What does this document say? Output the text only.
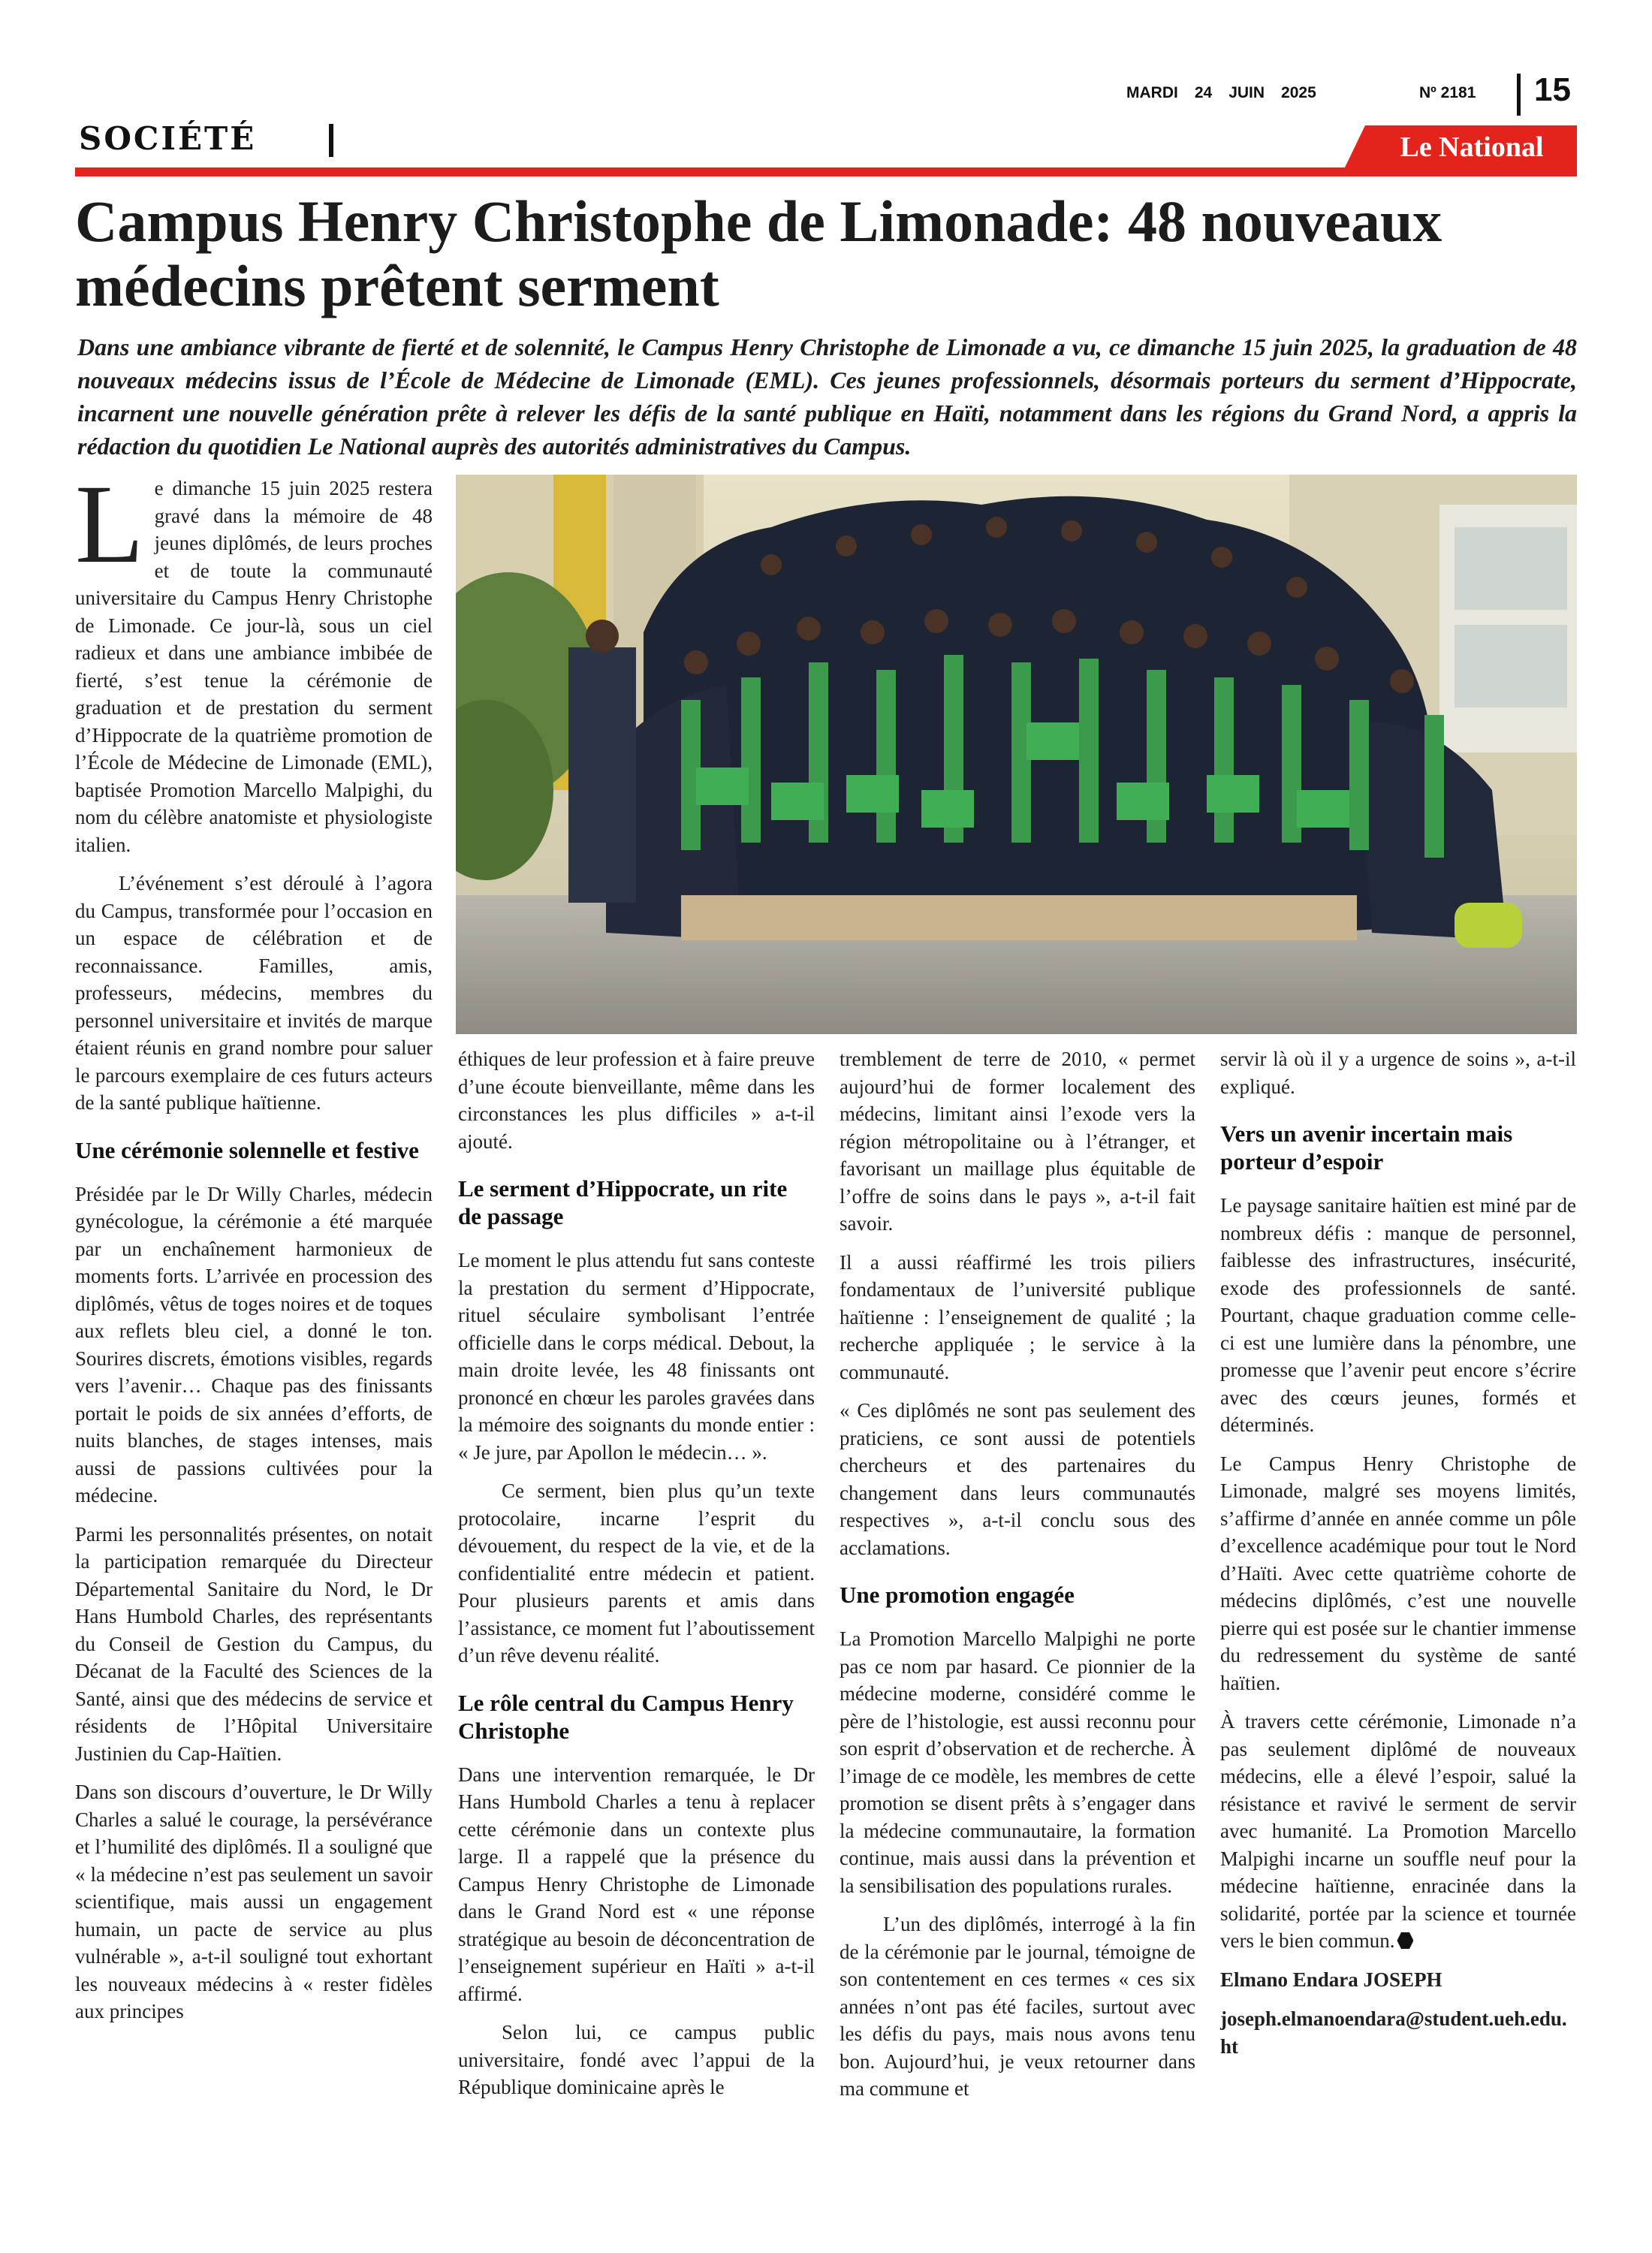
SOCIÉTÉ
MARDI 24 JUIN 2025	Nº 2181 15
Le National
Campus Henry Christophe de Limonade: 48 nouveaux médecins prêtent serment
Dans une ambiance vibrante de fierté et de solennité, le Campus Henry Christophe de Limonade a vu, ce dimanche 15 juin 2025, la graduation de 48 nouveaux médecins issus de l’École de Médecine de Limonade (EML). Ces jeunes professionnels, désormais porteurs du serment d’Hippocrate, incarnent une nouvelle génération prête à relever les défis de la santé publique en Haïti, notamment dans les régions du Grand Nord, a appris la rédaction du quotidien Le National auprès des autorités administratives du Campus.

Le dimanche 15 juin 2025 restera gravé dans la mémoire de 48 jeunes diplômés, de leurs proches et de toute la communauté universitaire du Campus Henry Christophe de Limonade. Ce jour-là, sous un ciel radieux et dans une ambiance imbibée de fierté, s’est tenue la cérémonie de graduation et de prestation du serment d’Hippocrate de la quatrième promotion de l’École de Médecine de Limonade (EML), baptisée Promotion Marcello Malpighi, du nom du célèbre anatomiste et physiologiste italien.

L’événement s’est déroulé à l’agora du Campus, transformée pour l’occasion en un espace de célébration et de reconnaissance. Familles, amis, professeurs, médecins, membres du personnel universitaire et invités de marque étaient réunis en grand nombre pour saluer le parcours exemplaire de ces futurs acteurs de la santé publique haïtienne.

Une cérémonie solennelle et festive

Présidée par le Dr Willy Charles, médecin gynécologue, la cérémonie a été marquée par un enchaînement harmonieux de moments forts. L’arrivée en procession des diplômés, vêtus de toges noires et de toques aux reflets bleu ciel, a donné le ton. Sourires discrets, émotions visibles, regards vers l’avenir… Chaque pas des finissants portait le poids de six années d’efforts, de nuits blanches, de stages intenses, mais aussi de passions cultivées pour la médecine.

Parmi les personnalités présentes, on notait la participation remarquée du Directeur Départemental Sanitaire du Nord, le Dr Hans Humbold Charles, des représentants du Conseil de Gestion du Campus, du Décanat de la Faculté des Sciences de la Santé, ainsi que des médecins de service et résidents de l’Hôpital Universitaire Justinien du Cap-Haïtien.

Dans son discours d’ouverture, le Dr Willy Charles a salué le courage, la persévérance et l’humilité des diplômés. Il a souligné que « la médecine n’est pas seulement un savoir scientifique, mais aussi un engagement humain, un pacte de service au plus vulnérable », a-t-il souligné tout exhortant les nouveaux médecins à « rester fidèles aux principes

éthiques de leur profession et à faire preuve d’une écoute bienveillante, même dans les circonstances les plus difficiles » a-t-il ajouté.

Le serment d’Hippocrate, un rite de passage

Le moment le plus attendu fut sans conteste la prestation du serment d’Hippocrate, rituel séculaire symbolisant l’entrée officielle dans le corps médical. Debout, la main droite levée, les 48 finissants ont prononcé en chœur les paroles gravées dans la mémoire des soignants du monde entier : « Je jure, par Apollon le médecin… ».

Ce serment, bien plus qu’un texte protocolaire, incarne l’esprit du dévouement, du respect de la vie, et de la confidentialité entre médecin et patient. Pour plusieurs parents et amis dans l’assistance, ce moment fut l’aboutissement d’un rêve devenu réalité.

Le rôle central du Campus Henry Christophe

Dans une intervention remarquée, le Dr Hans Humbold Charles a tenu à replacer cette cérémonie dans un contexte plus large. Il a rappelé que la présence du Campus Henry Christophe de Limonade dans le Grand Nord est « une réponse stratégique au besoin de déconcentration de l’enseignement supérieur en Haïti » a-t-il affirmé.

Selon lui, ce campus public universitaire, fondé avec l’appui de la République dominicaine après le

tremblement de terre de 2010, « permet aujourd’hui de former localement des médecins, limitant ainsi l’exode vers la région métropolitaine ou à l’étranger, et favorisant un maillage plus équitable de l’offre de soins dans le pays », a-t-il fait savoir.

Il a aussi réaffirmé les trois piliers fondamentaux de l’université publique haïtienne : l’enseignement de qualité ; la recherche appliquée ; le service à la communauté.

« Ces diplômés ne sont pas seulement des praticiens, ce sont aussi de potentiels chercheurs et des partenaires du changement dans leurs communautés respectives », a-t-il conclu sous des acclamations.

Une promotion engagée

La Promotion Marcello Malpighi ne porte pas ce nom par hasard. Ce pionnier de la médecine moderne, considéré comme le père de l’histologie, est aussi reconnu pour son esprit d’observation et de recherche. À l’image de ce modèle, les membres de cette promotion se disent prêts à s’engager dans la médecine communautaire, la formation continue, mais aussi dans la prévention et la sensibilisation des populations rurales.

L’un des diplômés, interrogé à la fin de la cérémonie par le journal, témoigne de son contentement en ces termes « ces six années n’ont pas été faciles, surtout avec les défis du pays, mais nous avons tenu bon. Aujourd’hui, je veux retourner dans ma commune et

servir là où il y a urgence de soins », a-t-il expliqué.

Vers un avenir incertain mais porteur d’espoir

Le paysage sanitaire haïtien est miné par de nombreux défis : manque de personnel, faiblesse des infrastructures, insécurité, exode des professionnels de santé. Pourtant, chaque graduation comme celle-ci est une lumière dans la pénombre, une promesse que l’avenir peut encore s’écrire avec des cœurs jeunes, formés et déterminés.

Le Campus Henry Christophe de Limonade, malgré ses moyens limités, s’affirme d’année en année comme un pôle d’excellence académique pour tout le Nord d’Haïti. Avec cette quatrième cohorte de médecins diplômés, c’est une nouvelle pierre qui est posée sur le chantier immense du redressement du système de santé haïtien.

À travers cette cérémonie, Limonade n’a pas seulement diplômé de nouveaux médecins, elle a élevé l’espoir, salué la résistance et ravivé le serment de servir avec humanité. La Promotion Marcello Malpighi incarne un souffle neuf pour la médecine haïtienne, enracinée dans la solidarité, portée par la science et tournée vers le bien commun.

Elmano Endara JOSEPH

joseph.elmanoendara@student.ueh.edu.ht
